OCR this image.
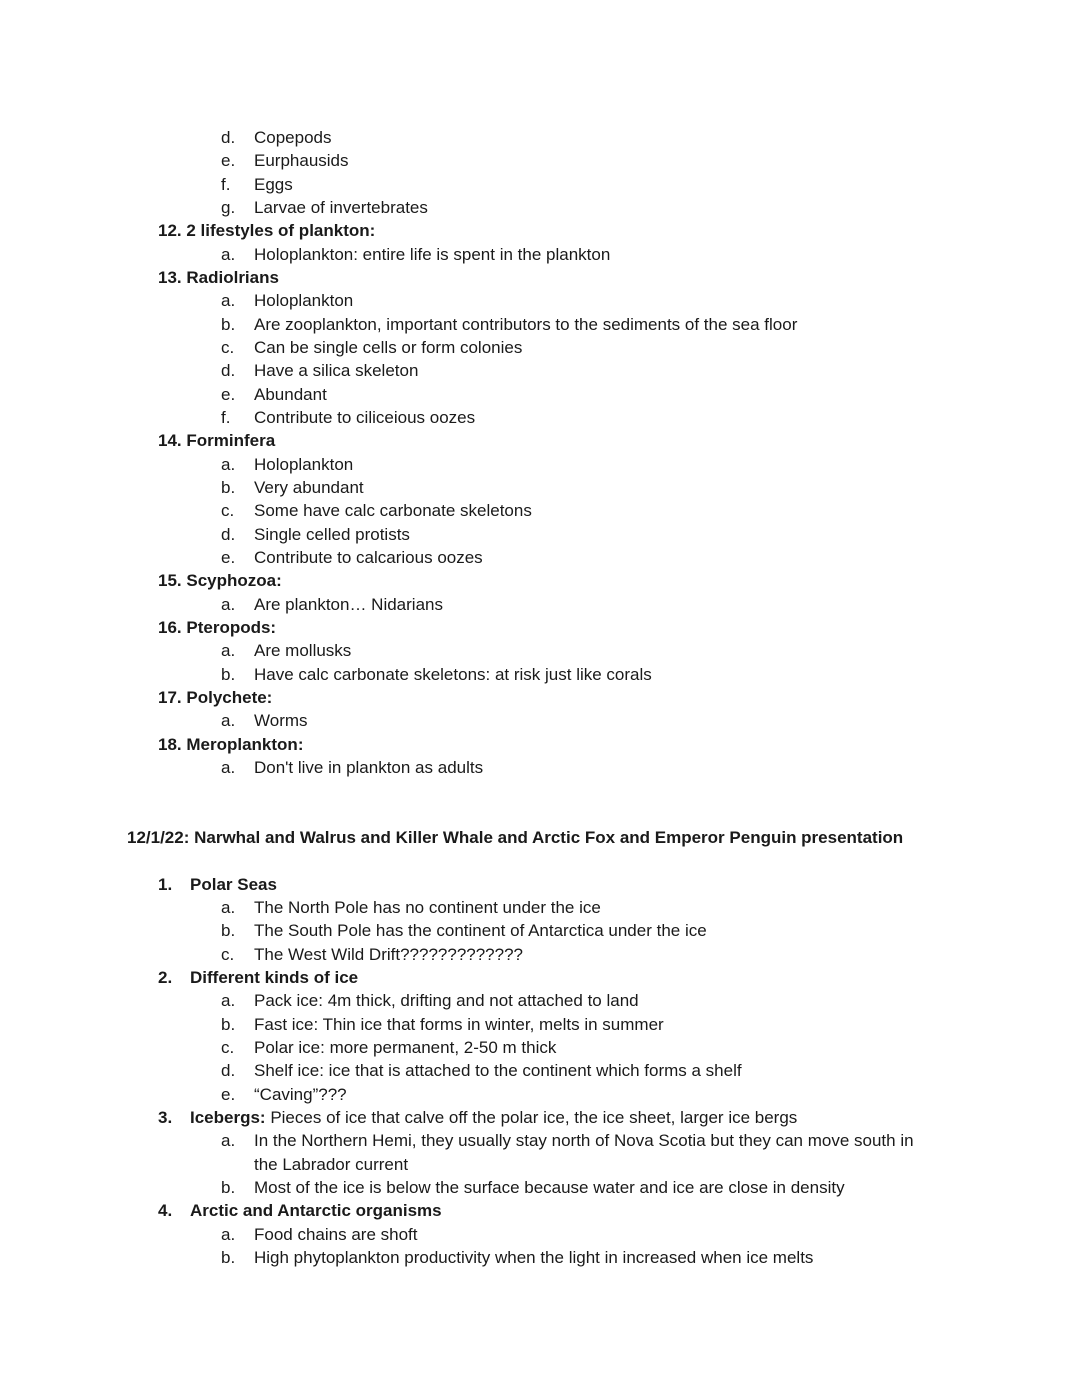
d. Copepods
e. Eurphausids
f.	Eggs
g. Larvae of invertebrates
12. 2 lifestyles of plankton:
a. Holoplankton: entire life is spent in the plankton
13. Radiolrians
a. Holoplankton
b. Are zooplankton, important contributors to the sediments of the sea floor
c. Can be single cells or form colonies
d. Have a silica skeleton
e. Abundant
f.	Contribute to ciliceious oozes
14. Forminfera
a. Holoplankton
b. Very abundant
c. Some have calc carbonate skeletons
d. Single celled protists
e. Contribute to calcarious oozes
15. Scyphozoa:
a. Are plankton… Nidarians
16. Pteropods:
a. Are mollusks
b. Have calc carbonate skeletons: at risk just like corals
17. Polychete:
a. Worms
18. Meroplankton:
a. Don't live in plankton as adults
12/1/22: Narwhal and Walrus and Killer Whale and Arctic Fox and Emperor Penguin presentation
1. Polar Seas
a. The North Pole has no continent under the ice
b. The South Pole has the continent of Antarctica under the ice
c. The West Wild Drift?????????????
2. Different kinds of ice
a. Pack ice: 4m thick, drifting and not attached to land
b. Fast ice: Thin ice that forms in winter, melts in summer
c. Polar ice: more permanent, 2-50 m thick
d. Shelf ice: ice that is attached to the continent which forms a shelf
e. “Caving”???
3. Icebergs: Pieces of ice that calve off the polar ice, the ice sheet, larger ice bergs
a. In the Northern Hemi, they usually stay north of Nova Scotia but they can move south in
the Labrador current
b. Most of the ice is below the surface because water and ice are close in density
4. Arctic and Antarctic organisms
a. Food chains are shoft
b. High phytoplankton productivity when the light in increased when ice melts
